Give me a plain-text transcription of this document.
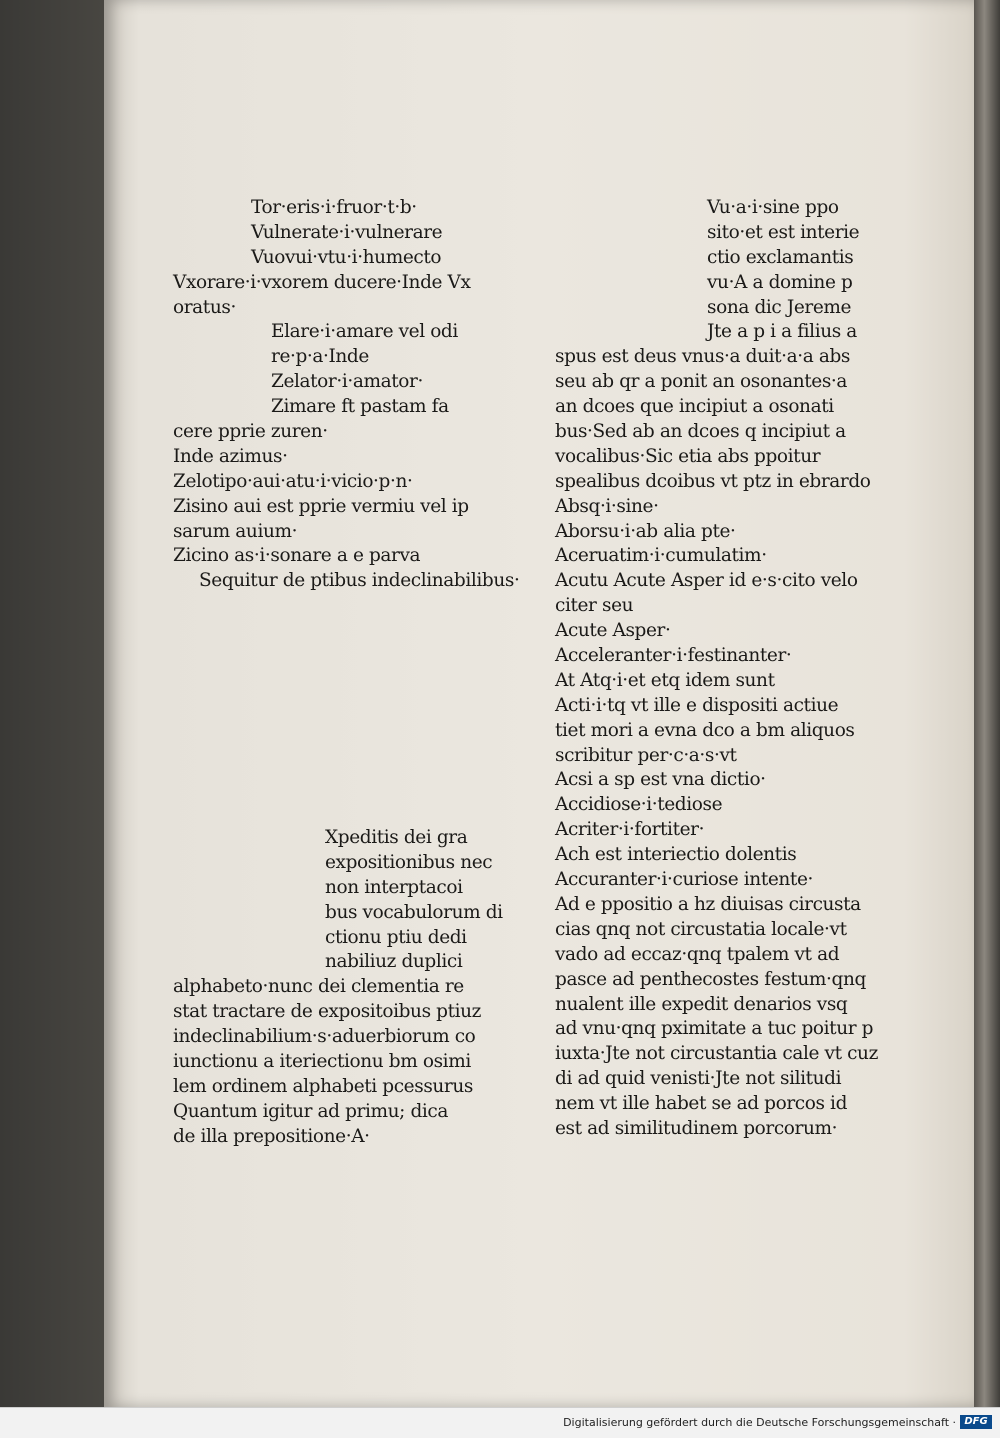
Tor·eris·i·fruor·t·b·
Vulnerate·i·vulnerare
Vuovui·vtu·i·humecto
Vxorare·i·vxorem ducere·Inde Vx
oratus·
Elare·i·amare vel odi
re·p·a·Inde
Zelator·i·amator·
Zimare ft pastam fa
cere pprie zuren·
Inde azimus·
Zelotipo·aui·atu·i·vicio·p·n·
Zisino aui est pprie vermiu vel ip
sarum auium·
Zicino as·i·sonare a e parva
Sequitur de ptibus indeclinabilibus·
Xpeditis dei gra
expositionibus nec
non interptacoi
bus vocabulorum di
ctionu ptiu dedi
nabiliuz duplici
alphabeto·nunc dei clementia re
stat tractare de expositoibus ptiuz
indeclinabilium·s·aduerbiorum co
iunctionu a iteriectionu bm osimi
lem ordinem alphabeti pcessurus
Quantum igitur ad primu; dica
de illa prepositione·A·
Vu·a·i·sine ppo
sito·et est interie
ctio exclamantis
vu·A a domine p
sona dic Jereme
Jte a p i a filius a
spus est deus vnus·a duit·a·a abs
seu ab qr a ponit an osonantes·a
an dcoes que incipiut a osonati
bus·Sed ab an dcoes q incipiut a
vocalibus·Sic etia abs ppoitur
spealibus dcoibus vt ptz in ebrardo
Absq·i·sine·
Aborsu·i·ab alia pte·
Aceruatim·i·cumulatim·
Acutu Acute Asper id e·s·cito velo
citer seu
Acute Asper·
Acceleranter·i·festinanter·
At Atq·i·et etq idem sunt
Acti·i·tq vt ille e dispositi actiue
tiet mori a evna dco a bm aliquos
scribitur per·c·a·s·vt
Acsi a sp est vna dictio·
Accidiose·i·tediose
Acriter·i·fortiter·
Ach est interiectio dolentis
Accuranter·i·curiose intente·
Ad e ppositio a hz diuisas circusta
cias qnq not circustatia locale·vt
vado ad eccaz·qnq tpalem vt ad
pasce ad penthecostes festum·qnq
nualent ille expedit denarios vsq
ad vnu·qnq pximitate a tuc poitur p
iuxta·Jte not circustantia cale vt cuz
di ad quid venisti·Jte not silitudi
nem vt ille habet se ad porcos id
est ad similitudinem porcorum·
Digitalisierung gefördert durch die Deutsche Forschungsgemeinschaft · DFG
